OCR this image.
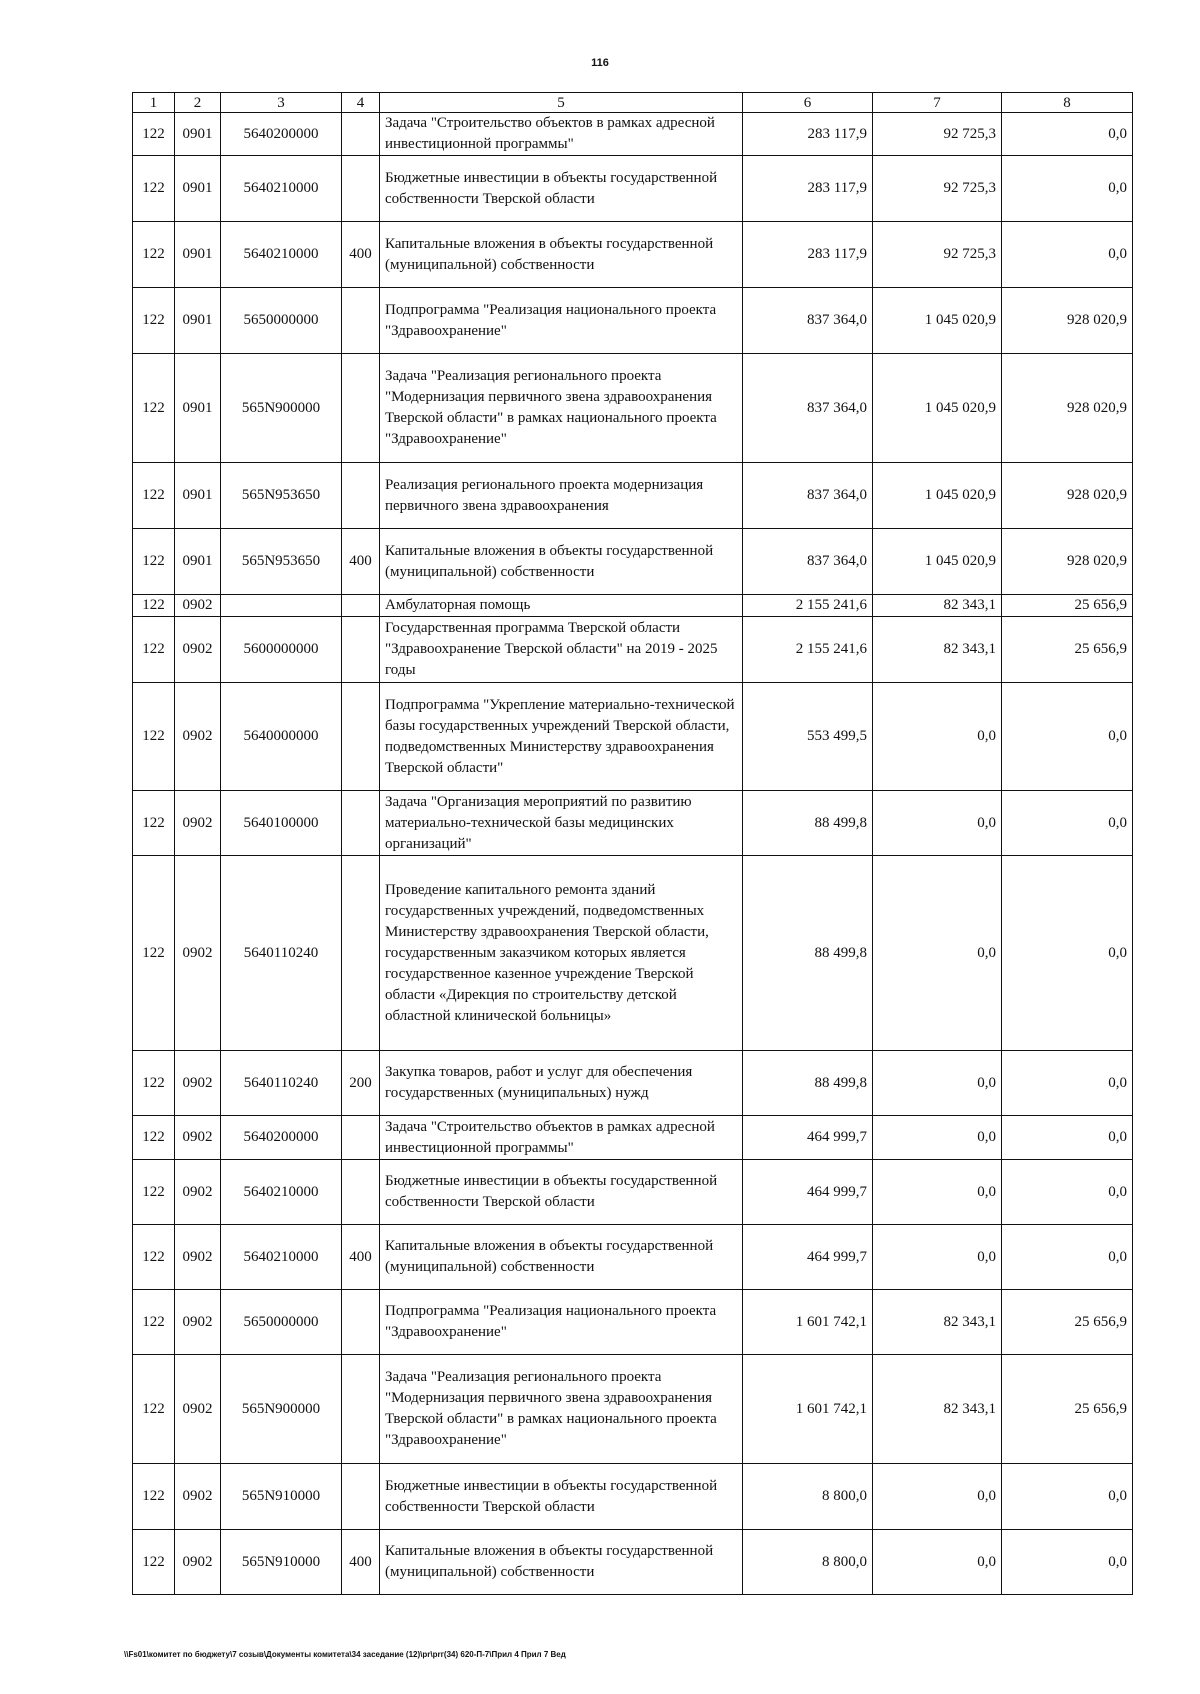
116
1	2	3	4	5	6	7	8
122	0901	5640200000		Задача "Строительство объектов в рамках адресной инвестиционной программы"	283 117,9	92 725,3	0,0
122	0901	5640210000		Бюджетные инвестиции в объекты государственной собственности Тверской области	283 117,9	92 725,3	0,0
122	0901	5640210000	400	Капитальные вложения в объекты государственной (муниципальной) собственности	283 117,9	92 725,3	0,0
122	0901	5650000000		Подпрограмма "Реализация национального проекта "Здравоохранение"	837 364,0	1 045 020,9	928 020,9
122	0901	565N900000		Задача "Реализация регионального проекта "Модернизация первичного звена здравоохранения Тверской области" в рамках национального проекта "Здравоохранение"	837 364,0	1 045 020,9	928 020,9
122	0901	565N953650		Реализация регионального проекта модернизация первичного звена здравоохранения	837 364,0	1 045 020,9	928 020,9
122	0901	565N953650	400	Капитальные вложения в объекты государственной (муниципальной) собственности	837 364,0	1 045 020,9	928 020,9
122	0902			Амбулаторная помощь	2 155 241,6	82 343,1	25 656,9
122	0902	5600000000		Государственная программа Тверской области "Здравоохранение Тверской области" на 2019 - 2025 годы	2 155 241,6	82 343,1	25 656,9
122	0902	5640000000		Подпрограмма "Укрепление материально-технической базы государственных учреждений Тверской области, подведомственных Министерству здравоохранения Тверской области"	553 499,5	0,0	0,0
122	0902	5640100000		Задача "Организация мероприятий по развитию материально-технической базы медицинских организаций"	88 499,8	0,0	0,0
122	0902	5640110240		Проведение капитального ремонта зданий государственных учреждений, подведомственных Министерству здравоохранения Тверской области, государственным заказчиком которых является государственное казенное учреждение Тверской области «Дирекция по строительству детской областной клинической больницы»	88 499,8	0,0	0,0
122	0902	5640110240	200	Закупка товаров, работ и услуг для обеспечения государственных (муниципальных) нужд	88 499,8	0,0	0,0
122	0902	5640200000		Задача "Строительство объектов в рамках адресной инвестиционной программы"	464 999,7	0,0	0,0
122	0902	5640210000		Бюджетные инвестиции в объекты государственной собственности Тверской области	464 999,7	0,0	0,0
122	0902	5640210000	400	Капитальные вложения в объекты государственной (муниципальной) собственности	464 999,7	0,0	0,0
122	0902	5650000000		Подпрограмма "Реализация национального проекта "Здравоохранение"	1 601 742,1	82 343,1	25 656,9
122	0902	565N900000		Задача "Реализация регионального проекта "Модернизация первичного звена здравоохранения Тверской области" в рамках национального проекта "Здравоохранение"	1 601 742,1	82 343,1	25 656,9
122	0902	565N910000		Бюджетные инвестиции в объекты государственной собственности Тверской области	8 800,0	0,0	0,0
122	0902	565N910000	400	Капитальные вложения в объекты государственной (муниципальной) собственности	8 800,0	0,0	0,0
\\Fs01\комитет по бюджету\7 созыв\Документы комитета\34 заседание (12)\pr\prг(34) 620-П-7\Прил 4 Прил 7 Вед
